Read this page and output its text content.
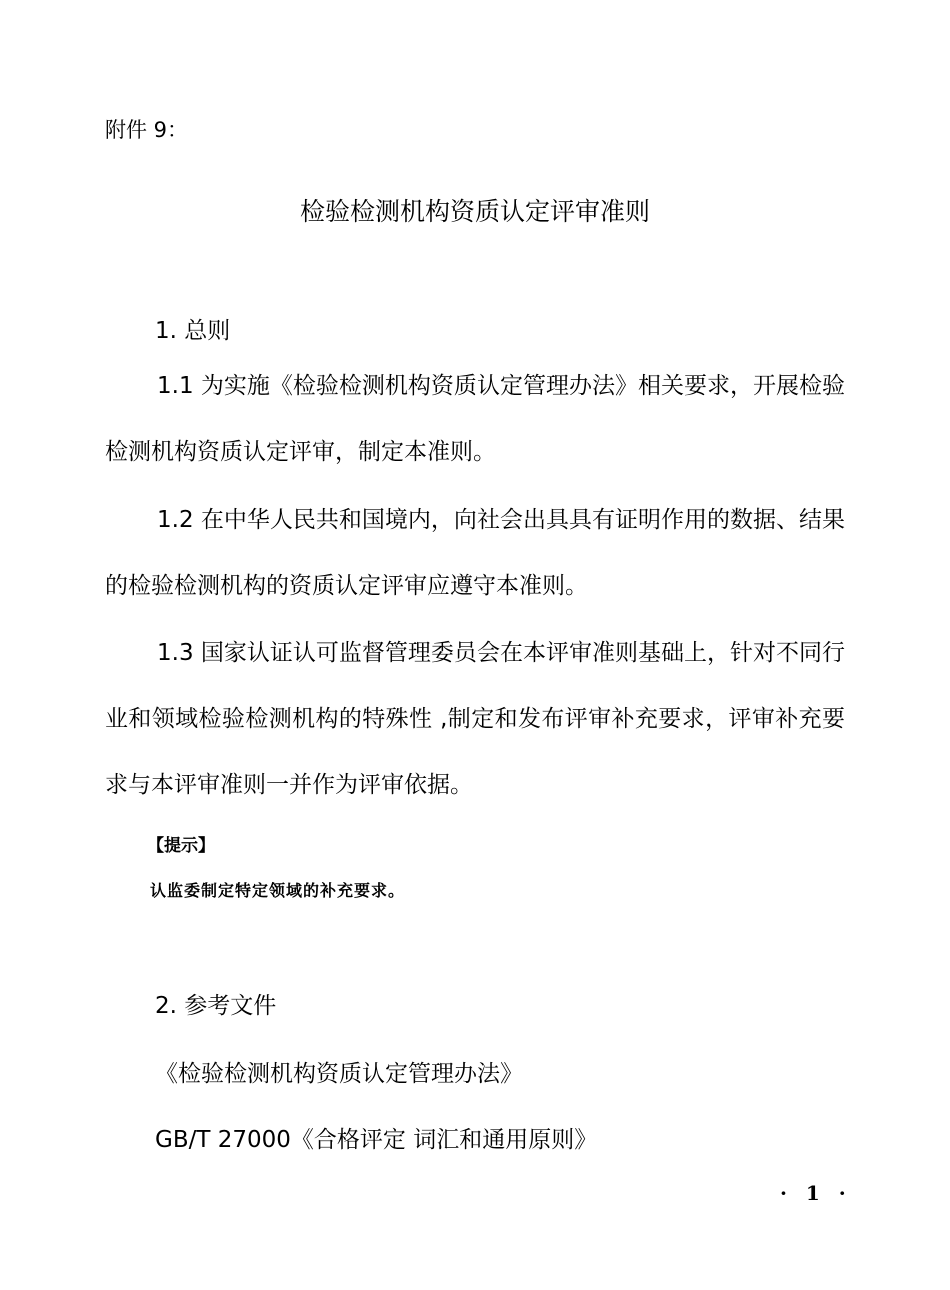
附件 9：
检验检测机构资质认定评审准则
1. 总则
1.1 为实施《检验检测机构资质认定管理办法》相关要求，开展检验检测机构资质认定评审，制定本准则。
1.2 在中华人民共和国境内，向社会出具具有证明作用的数据、结果的检验检测机构的资质认定评审应遵守本准则。
1.3 国家认证认可监督管理委员会在本评审准则基础上，针对不同行业和领域检验检测机构的特殊性 ,制定和发布评审补充要求，评审补充要求与本评审准则一并作为评审依据。
【提示】
认监委制定特定领域的补充要求。
2. 参考文件
《检验检测机构资质认定管理办法》
GB/T 27000《合格评定 词汇和通用原则》
· 1 ·
